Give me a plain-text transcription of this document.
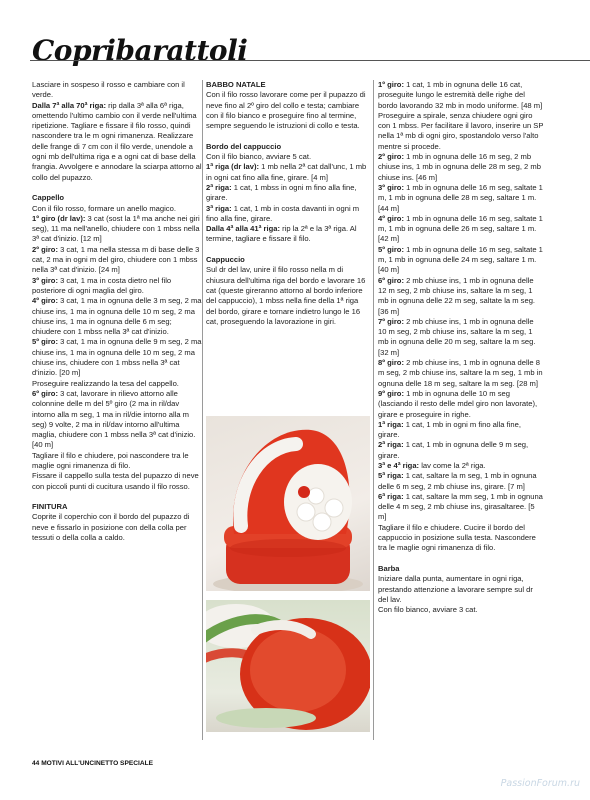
Copribarattoli

Lasciare in sospeso il rosso e cambiare con il verde.

Dalla 7ª alla 70ª riga: rip dalla 3ª alla 6ª riga, omettendo l'ultimo cambio con il verde nell'ultima ripetizione. Tagliare e fissare il filo rosso, quindi nascondere tra le m ogni rimanenza. Realizzare delle frange di 7 cm con il filo verde, unendole a ogni mb dell'ultima riga e a ogni cat di base della frangia. Avvolgere e annodare la sciarpa attorno al collo del pupazzo.

Cappello

Con il filo rosso, formare un anello magico.

1º giro (dr lav): 3 cat (sost la 1ª ma anche nei giri seg), 11 ma nell'anello, chiudere con 1 mbss nella 3ª cat d'inizio. [12 m]

2º giro: 3 cat, 1 ma nella stessa m di base delle 3 cat, 2 ma in ogni m del giro, chiudere con 1 mbss nella 3ª cat d'inizio. [24 m]

3º giro: 3 cat, 1 ma in costa dietro nel filo posteriore di ogni maglia del giro.

4º giro: 3 cat, 1 ma in ognuna delle 3 m seg, 2 ma chiuse ins, 1 ma in ognuna delle 10 m seg, 2 ma chiuse ins, 1 ma in ognuna delle 6 m seg; chiudere con 1 mbss nella 3ª cat d'inizio.

5º giro: 3 cat, 1 ma in ognuna delle 9 m seg, 2 ma chiuse ins, 1 ma in ognuna delle 10 m seg, 2 ma chiuse ins, chiudere con 1 mbss nella 3ª cat d'inizio. [20 m]

Proseguire realizzando la tesa del cappello.

6º giro: 3 cat, lavorare in rilievo attorno alle colonnine delle m del 5º giro (2 ma in ril/dav intorno alla m seg, 1 ma in ril/die intorno alla m seg) 9 volte, 2 ma in ril/dav intorno all'ultima maglia, chiudere con 1 mbss nella 3ª cat d'inizio. [40 m]

Tagliare il filo e chiudere, poi nascondere tra le maglie ogni rimanenza di filo.

Fissare il cappello sulla testa del pupazzo di neve con piccoli punti di cucitura usando il filo rosso.

FINITURA

Coprite il coperchio con il bordo del pupazzo di neve e fissarlo in posizione con della colla per tessuti o della colla a caldo.

BABBO NATALE

Con il filo rosso lavorare come per il pupazzo di neve fino al 2º giro del collo e testa; cambiare con il filo bianco e proseguire fino al termine, sempre seguendo le istruzioni di collo e testa.

Bordo del cappuccio

Con il filo bianco, avviare 5 cat.

1ª riga (dr lav): 1 mb nella 2ª cat dall'unc, 1 mb in ogni cat fino alla fine, girare. [4 m]

2ª riga: 1 cat, 1 mbss in ogni m fino alla fine, girare.

3ª riga: 1 cat, 1 mb in costa davanti in ogni m fino alla fine, girare.

Dalla 4ª alla 41ª riga: rip la 2ª e la 3ª riga. Al termine, tagliare e fissare il filo.

Cappuccio

Sul dr del lav, unire il filo rosso nella m di chiusura dell'ultima riga del bordo e lavorare 16 cat (queste gireranno attorno al bordo inferiore del cappuccio), 1 mbss nella fine della 1ª riga del bordo, girare e tornare indietro lungo le 16 cat, proseguendo la lavorazione in giri.

1º giro: 1 cat, 1 mb in ognuna delle 16 cat, proseguite lungo le estremità delle righe del bordo lavorando 32 mb in modo uniforme. [48 m]

Proseguire a spirale, senza chiudere ogni giro con 1 mbss. Per facilitare il lavoro, inserire un SP nella 1ª mb di ogni giro, spostandolo verso l'alto mentre si procede.

2º giro: 1 mb in ognuna delle 16 m seg, 2 mb chiuse ins, 1 mb in ognuna delle 28 m seg, 2 mb chiuse ins. [46 m]

3º giro: 1 mb in ognuna delle 16 m seg, saltate 1 m, 1 mb in ognuna delle 28 m seg, saltare 1 m. [44 m]

4º giro: 1 mb in ognuna delle 16 m seg, saltate 1 m, 1 mb in ognuna delle 26 m seg, saltare 1 m. [42 m]

5º giro: 1 mb in ognuna delle 16 m seg, saltate 1 m, 1 mb in ognuna delle 24 m seg, saltare 1 m. [40 m]

6º giro: 2 mb chiuse ins, 1 mb in ognuna delle 12 m seg, 2 mb chiuse ins, saltare la m seg, 1 mb in ognuna delle 22 m seg, saltate la m seg. [36 m]

7º giro: 2 mb chiuse ins, 1 mb in ognuna delle 10 m seg, 2 mb chiuse ins, saltare la m seg, 1 mb in ognuna delle 20 m seg, saltare la m seg. [32 m]

8º giro: 2 mb chiuse ins, 1 mb in ognuna delle 8 m seg, 2 mb chiuse ins, saltare la m seg, 1 mb in ognuna delle 18 m seg, saltare la m seg. [28 m]

9º giro: 1 mb in ognuna delle 10 m seg (lasciando il resto delle mdel giro non lavorate), girare e proseguire in righe.

1ª riga: 1 cat, 1 mb in ogni m fino alla fine, girare.

2ª riga: 1 cat, 1 mb in ognuna delle 9 m seg, girare.

3ª e 4ª riga: lav come la 2ª riga.

5ª riga: 1 cat, saltare la m seg, 1 mb in ognuna delle 6 m seg, 2 mb chiuse ins, girare. [7 m]

6ª riga: 1 cat, saltare la mm seg, 1 mb in ognuna delle 4 m seg, 2 mb chiuse ins, girasaltaree. [5 m]

Tagliare il filo e chiudere. Cucire il bordo del cappuccio in posizione sulla testa. Nascondere tra le maglie ogni rimanenza di filo.

Barba

Iniziare dalla punta, aumentare in ogni riga, prestando attenzione a lavorare sempre sul dr del lav.

Con filo bianco, avviare 3 cat.

44 MOTIVI ALL'UNCINETTO SPECIALE
PassionForum.ru
